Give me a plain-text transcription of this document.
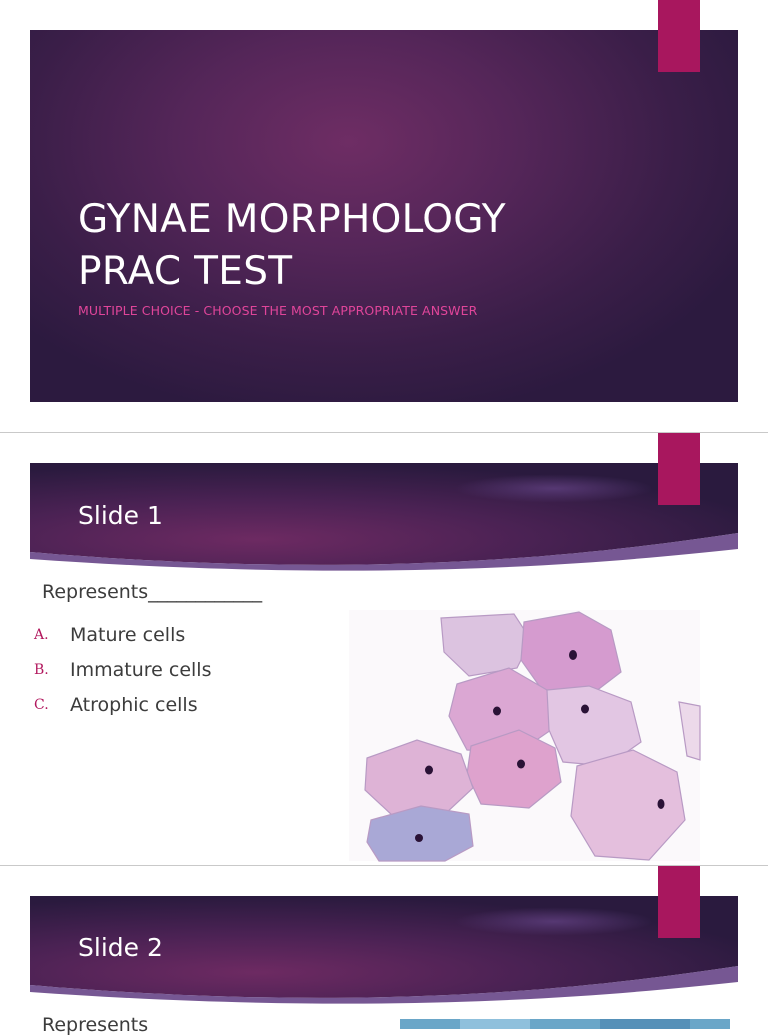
GYNAE MORPHOLOGY
PRAC TEST

MULTIPLE CHOICE - CHOOSE THE MOST APPROPRIATE ANSWER

Slide 1

Represents____________

A.	Mature cells
B.	Immature cells
C.	Atrophic cells
Slide 2

Represents
